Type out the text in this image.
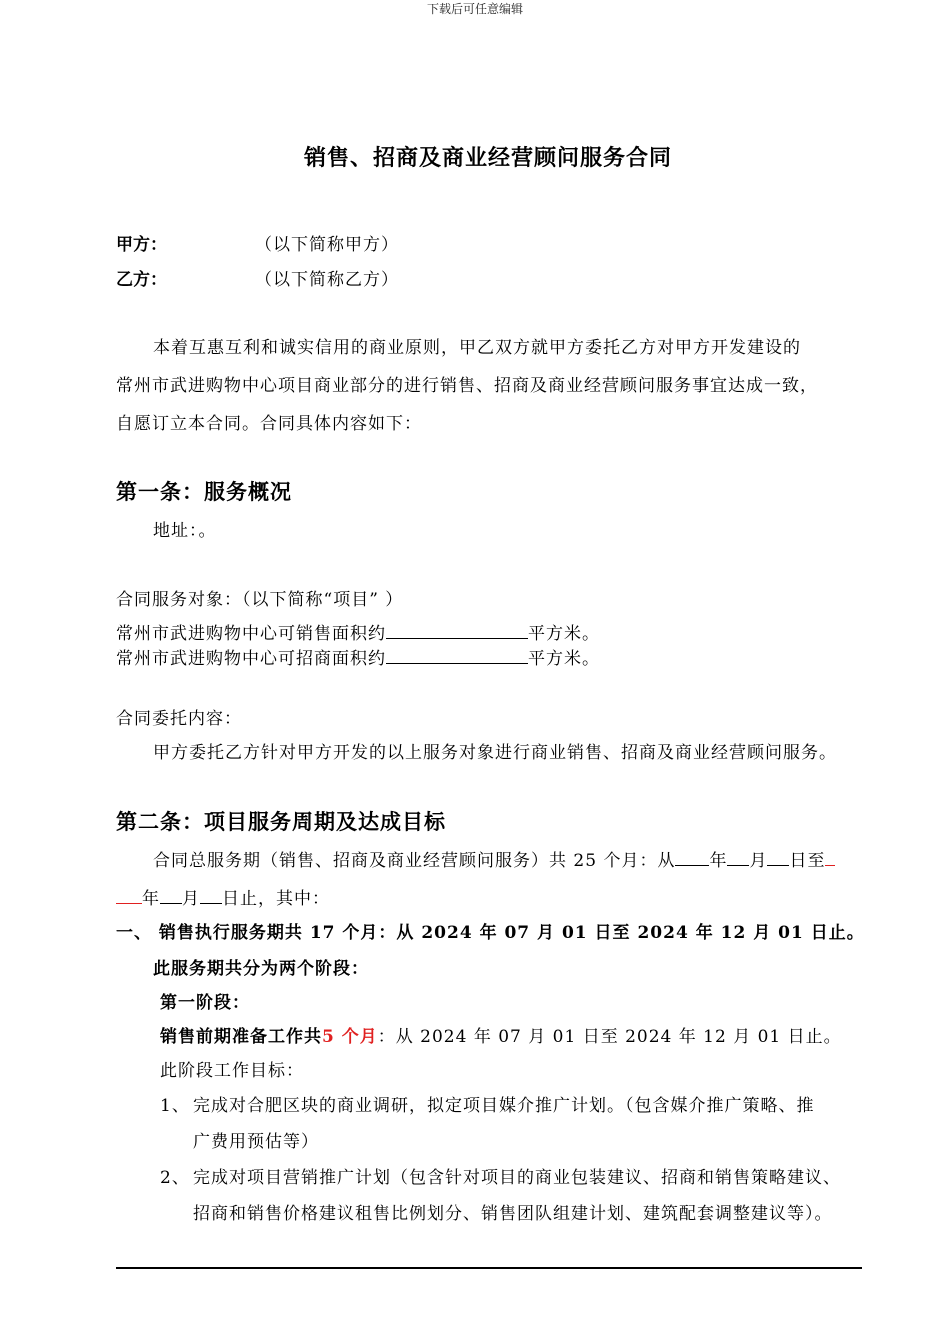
下载后可任意编辑
销售、招商及商业经营顾问服务合同
甲方：	（以下简称甲方）
乙方：	（以下简称乙方）
本着互惠互利和诚实信用的商业原则，甲乙双方就甲方委托乙方对甲方开发建设的
常州市武进购物中心项目商业部分的进行销售、招商及商业经营顾问服务事宜达成一致，
自愿订立本合同。合同具体内容如下：
第一条：服务概况
地址：。
合同服务对象：（以下简称“项目” ）
常州市武进购物中心可销售面积约	平方米。
常州市武进购物中心可招商面积约	平方米。
合同委托内容：
甲方委托乙方针对甲方开发的以上服务对象进行商业销售、招商及商业经营顾问服务。
第二条：项目服务周期及达成目标
合同总服务期（销售、招商及商业经营顾问服务）共 25 个月：从 年 月 日至
年 月 日止，其中：
一、 销售执行服务期共 17 个月：从 2024 年 07 月 01 日至 2024 年 12 月 01 日止。
此服务期共分为两个阶段：
第一阶段：
销售前期准备工作共5 个月：从 2024 年 07 月 01 日至 2024 年 12 月 01 日止。
此阶段工作目标：
1、 完成对合肥区块的商业调研，拟定项目媒介推广计划。（包含媒介推广策略、推
广费用预估等）
2、 完成对项目营销推广计划（包含针对项目的商业包装建议、招商和销售策略建议、
招商和销售价格建议租售比例划分、销售团队组建计划、建筑配套调整建议等）。
